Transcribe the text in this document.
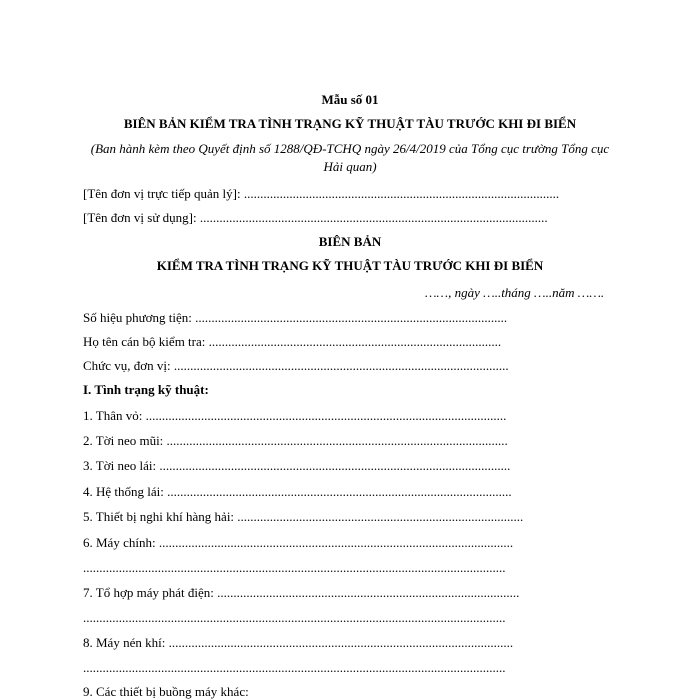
Mẫu số 01
BIÊN BẢN KIỂM TRA TÌNH TRẠNG KỸ THUẬT TÀU TRƯỚC KHI ĐI BIỂN
(Ban hành kèm theo Quyết định số 1288/QĐ-TCHQ ngày 26/4/2019 của Tổng cục trường Tổng cục Hải quan)
[Tên đơn vị trực tiếp quản lý]: .................................................................................................
[Tên đơn vị sử dụng]: ...........................................................................................................
BIÊN BẢN
KIỂM TRA TÌNH TRẠNG KỸ THUẬT TÀU TRƯỚC KHI ĐI BIỂN
……, ngày …..tháng …..năm …….
Số hiệu phương tiện: ................................................................................................
Họ tên cán bộ kiểm tra: ..........................................................................................
Chức vụ, đơn vị: .......................................................................................................
I. Tình trạng kỹ thuật:
1. Thân vỏ: ...............................................................................................................
2. Tời neo mũi: .........................................................................................................
3. Tời neo lái: ............................................................................................................
4. Hệ thống lái: ..........................................................................................................
5. Thiết bị nghi khí hàng hải: ........................................................................................
6. Máy chính: .............................................................................................................
..................................................................................................................................
7. Tổ hợp máy phát điện: .............................................................................................
..................................................................................................................................
8. Máy nén khí: ..........................................................................................................
..................................................................................................................................
9. Các thiết bị buồng máy khác:
